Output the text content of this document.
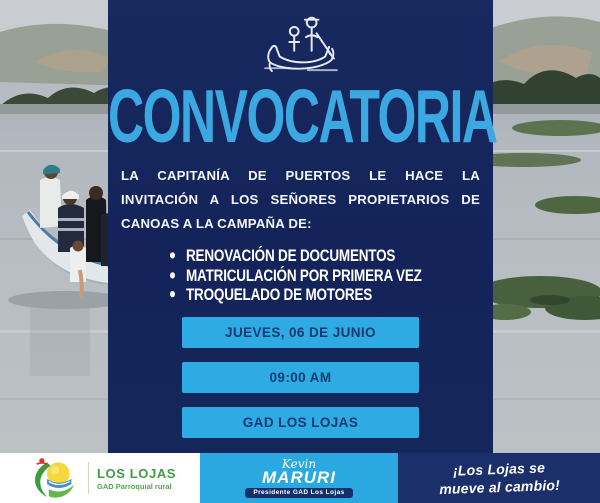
CONVOCATORIA
LA CAPITANÍA DE PUERTOS LE HACE LA
INVITACIÓN A LOS SEÑORES PROPIETARIOS DE
CANOAS A LA CAMPAÑA DE:
RENOVACIÓN DE DOCUMENTOS
MATRICULACIÓN POR PRIMERA VEZ
TROQUELADO DE MOTORES
JUEVES, 06 DE JUNIO
09:00 AM
GAD LOS LOJAS
LOS LOJAS
GAD Parroquial rural
Kevin
MARURI
Presidente GAD Los Lojas
¡Los Lojas se
mueve al cambio!
